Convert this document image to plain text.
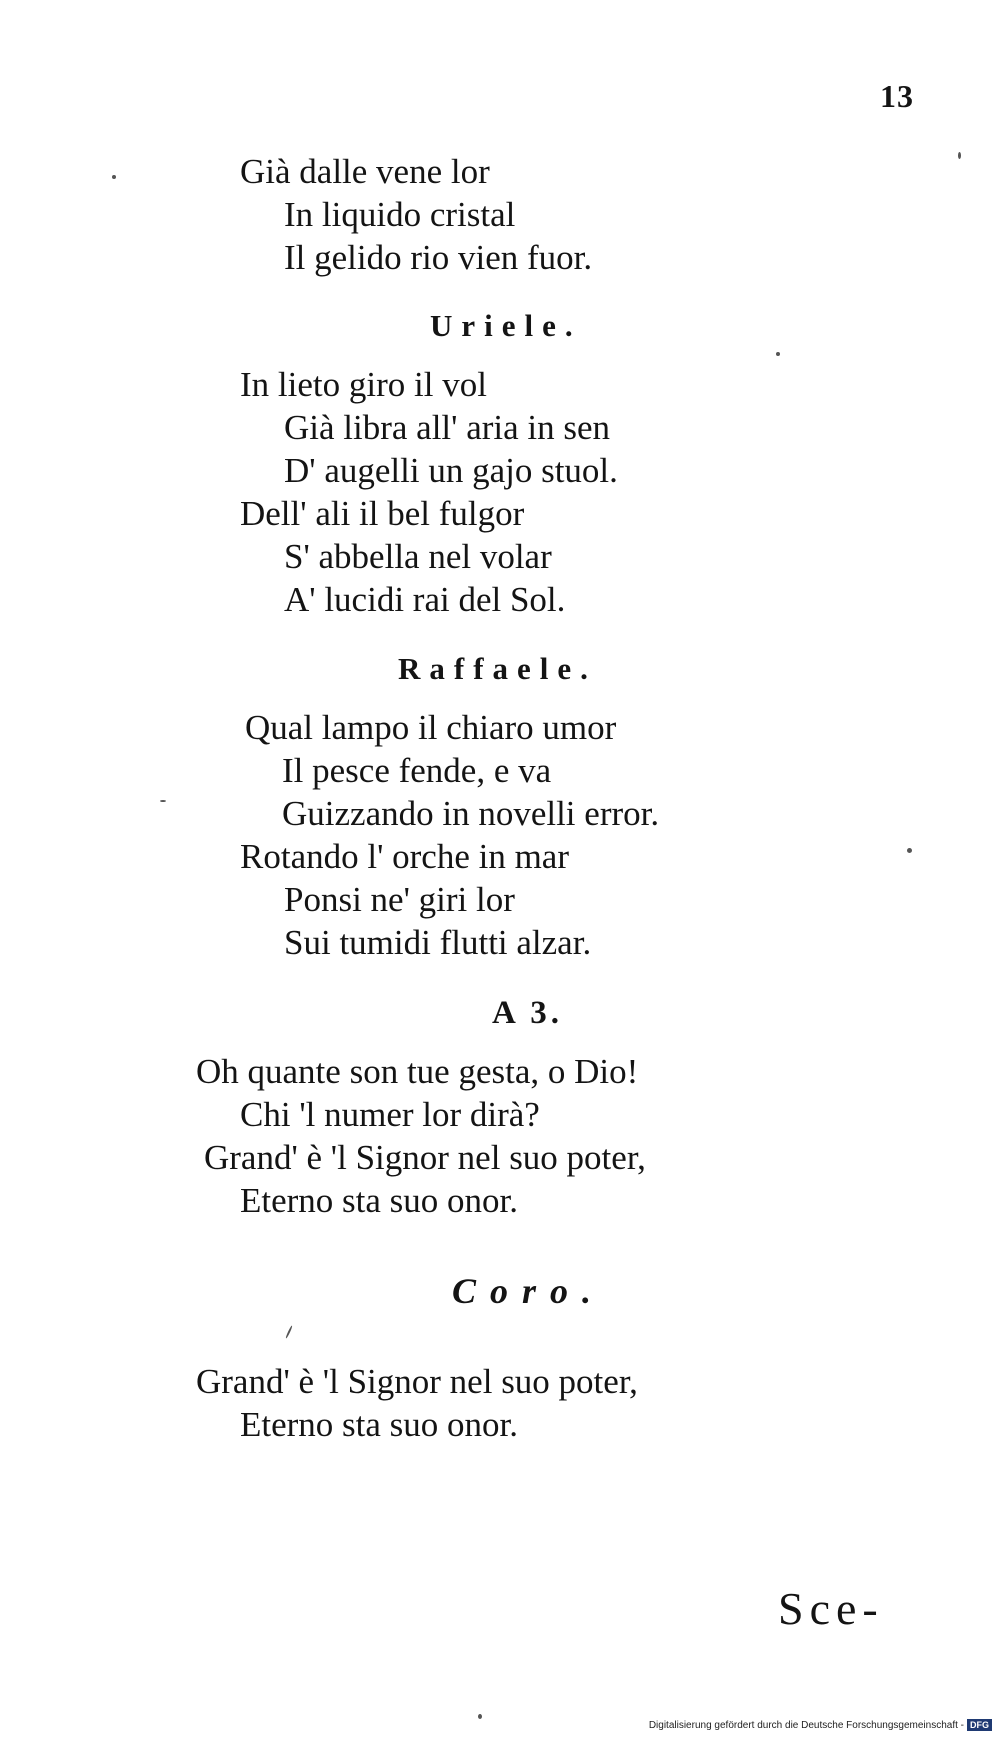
13
Già dalle vene lor
In liquido cristal
Il gelido rio vien fuor.
Uriele.
In lieto giro il vol
Già libra all' aria in sen
D' augelli un gajo stuol.
Dell' ali il bel fulgor
S' abbella nel volar
A' lucidi rai del Sol.
Raffaele.
Qual lampo il chiaro umor
Il pesce fende, e va
Guizzando in novelli error.
Rotando l' orche in mar
Ponsi ne' giri lor
Sui tumidi flutti alzar.
A 3.
Oh quante son tue gesta, o Dio!
Chi 'l numer lor dirà?
Grand' è 'l Signor nel suo poter,
Eterno sta suo onor.
Coro.
Grand' è 'l Signor nel suo poter,
Eterno sta suo onor.
Sce-
Digitalisierung gefördert durch die Deutsche Forschungsgemeinschaft - DFG
